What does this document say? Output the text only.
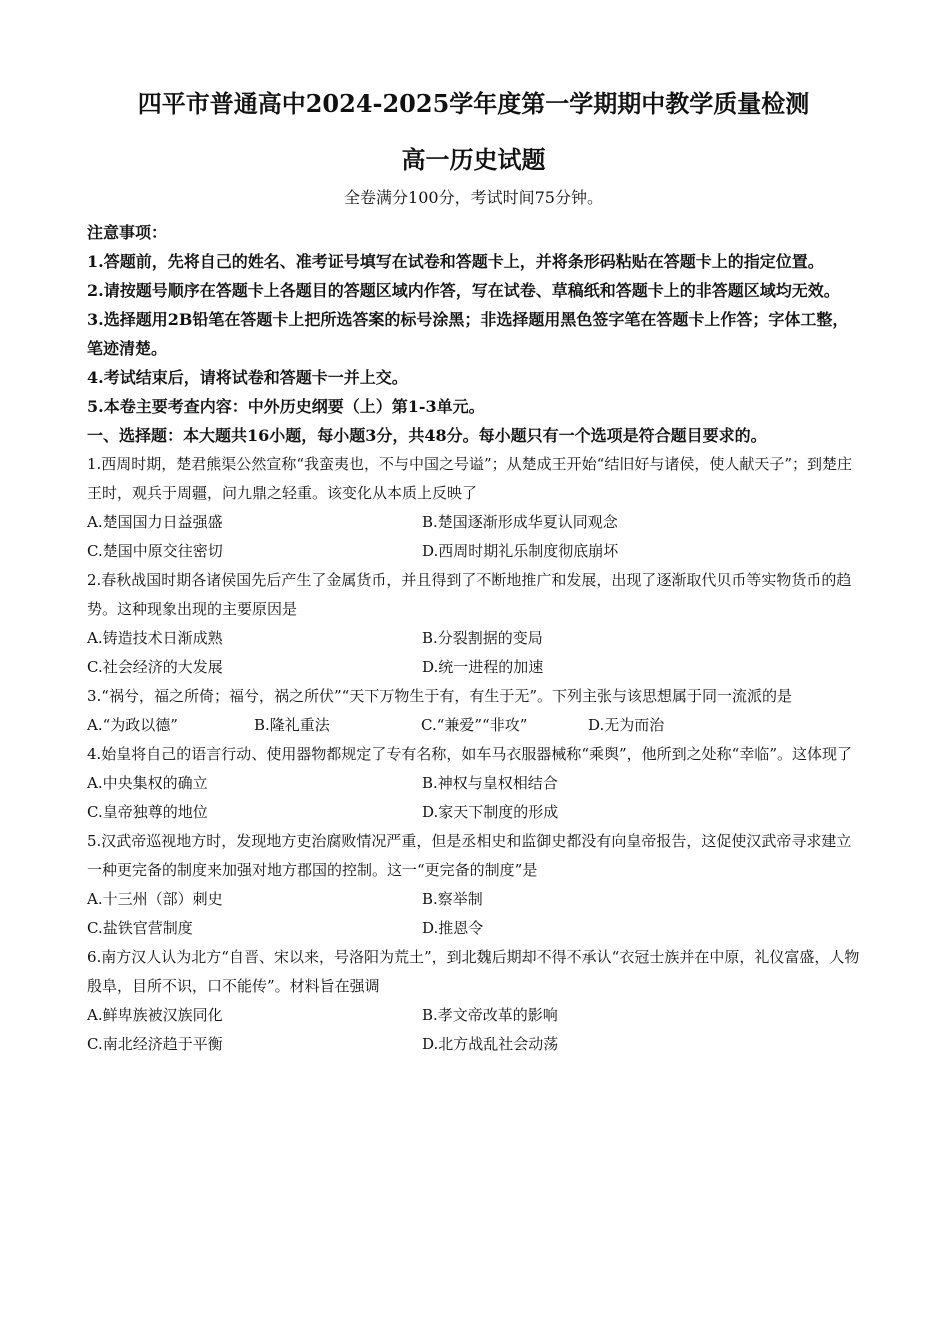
四平市普通高中2024-2025学年度第一学期期中教学质量检测
高一历史试题

全卷满分100分，考试时间75分钟。

注意事项：

1.答题前，先将自己的姓名、准考证号填写在试卷和答题卡上，并将条形码粘贴在答题卡上的指定位置。

2.请按题号顺序在答题卡上各题目的答题区域内作答，写在试卷、草稿纸和答题卡上的非答题区域均无效。

3.选择题用2B铅笔在答题卡上把所选答案的标号涂黑；非选择题用黑色签字笔在答题卡上作答；字体工整，笔迹清楚。

4.考试结束后，请将试卷和答题卡一并上交。

5.本卷主要考查内容：中外历史纲要（上）第1-3单元。

一、选择题：本大题共16小题，每小题3分，共48分。每小题只有一个选项是符合题目要求的。

1.西周时期，楚君熊渠公然宣称“我蛮夷也，不与中国之号谥”；从楚成王开始“结旧好与诸侯，使人献天子”；到楚庄王时，观兵于周疆，问九鼎之轻重。该变化从本质上反映了

A.楚国国力日益强盛	B.楚国逐渐形成华夏认同观念
C.楚国中原交往密切	D.西周时期礼乐制度彻底崩坏

2.春秋战国时期各诸侯国先后产生了金属货币，并且得到了不断地推广和发展，出现了逐渐取代贝币等实物货币的趋势。这种现象出现的主要原因是

A.铸造技术日渐成熟	B.分裂割据的变局
C.社会经济的大发展	D.统一进程的加速

3.“祸兮，福之所倚；福兮，祸之所伏”“天下万物生于有，有生于无”。下列主张与该思想属于同一流派的是

A.“为政以德”	B.隆礼重法	C.“兼爱”“非攻”	D.无为而治

4.始皇将自己的语言行动、使用器物都规定了专有名称，如车马衣服器械称“乘舆”，他所到之处称“幸临”。这体现了

A.中央集权的确立	B.神权与皇权相结合
C.皇帝独尊的地位	D.家天下制度的形成

5.汉武帝巡视地方时，发现地方吏治腐败情况严重，但是丞相史和监御史都没有向皇帝报告，这促使汉武帝寻求建立一种更完备的制度来加强对地方郡国的控制。这一“更完备的制度”是

A.十三州（部）刺史	B.察举制
C.盐铁官营制度	D.推恩令

6.南方汉人认为北方“自晋、宋以来，号洛阳为荒土”，到北魏后期却不得不承认“衣冠士族并在中原，礼仪富盛，人物殷阜，目所不识，口不能传”。材料旨在强调

A.鲜卑族被汉族同化	B.孝文帝改革的影响
C.南北经济趋于平衡	D.北方战乱社会动荡
